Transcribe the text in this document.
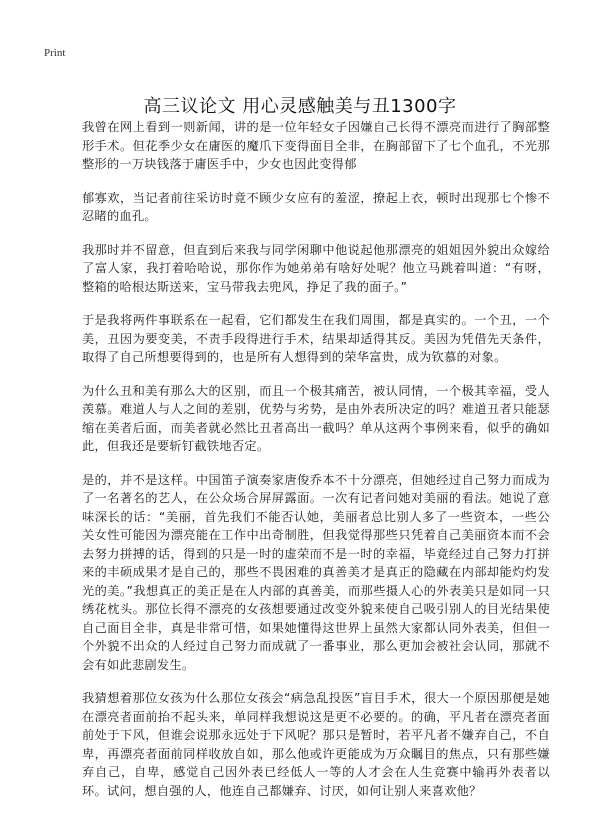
Print
高三议论文 用心灵感触美与丑1300字

我曾在网上看到一则新闻，讲的是一位年轻女子因嫌自己长得不漂亮而进行了胸部整形手术。但花季少女在庸医的魔爪下变得面目全非，在胸部留下了七个血孔，不光那整形的一万块钱落于庸医手中，少女也因此变得郁

郁寡欢，当记者前往采访时竟不顾少女应有的羞涩，撩起上衣，顿时出现那七个惨不忍睹的血孔。

我那时并不留意，但直到后来我与同学闲聊中他说起他那漂亮的姐姐因外貌出众嫁给了富人家，我打着哈哈说，那你作为她弟弟有啥好处呢？他立马跳着叫道：“有呀，整箱的哈根达斯送来，宝马带我去兜风，挣足了我的面子。”

于是我将两件事联系在一起看，它们都发生在我们周围，都是真实的。一个丑，一个美，丑因为要变美，不责手段得进行手术，结果却适得其反。美因为凭借先天条件，取得了自己所想要得到的，也是所有人想得到的荣华富贵，成为钦慕的对象。

为什么丑和美有那么大的区别，而且一个极其痛苦，被认同情，一个极其幸福，受人羡慕。难道人与人之间的差别，优势与劣势，是由外表所决定的吗？难道丑者只能瑟缩在美者后面，而美者就必然比丑者高出一截吗？单从这两个事例来看，似乎的确如此，但我还是要斩钉截铁地否定。

是的，并不是这样。中国笛子演奏家唐俊乔本不十分漂亮，但她经过自己努力而成为了一名著名的艺人，在公众场合屏屏露面。一次有记者问她对美丽的看法。她说了意味深长的话：“美丽，首先我们不能否认她，美丽者总比别人多了一些资本，一些公关女性可能因为漂亮能在工作中出奇制胜，但我觉得那些只凭着自己美丽资本而不会去努力拼搏的话，得到的只是一时的虚荣而不是一时的幸福，毕竟经过自己努力打拼来的丰硕成果才是自己的，那些不畏困难的真善美才是真正的隐藏在内部却能灼灼发光的美。”我想真正的美正是在人内部的真善美，而那些摄人心的外表美只是如同一只绣花枕头。那位长得不漂亮的女孩想要通过改变外貌来使自己吸引别人的目光结果使自己面目全非，真是非常可惜，如果她懂得这世界上虽然大家都认同外表美，但但一个外貌不出众的人经过自己努力而成就了一番事业，那么更加会被社会认同，那就不会有如此悲剧发生。

我猜想着那位女孩为什么那位女孩会“病急乱投医”盲目手术，很大一个原因那便是她在漂亮者面前抬不起头来，单同样我想说这是更不必要的。的确，平凡者在漂亮者面前处于下风，但谁会说那永远处于下风呢？那只是暂时，若平凡者不嫌弃自己，不自卑，再漂亮者面前同样收放自如，那么他或许更能成为万众瞩目的焦点，只有那些嫌弃自己，自卑，感觉自己因外表已经低人一等的人才会在人生竞赛中输再外表者以环。试问，想自强的人，他连自己都嫌弃、讨厌，如何让别人来喜欢他？
